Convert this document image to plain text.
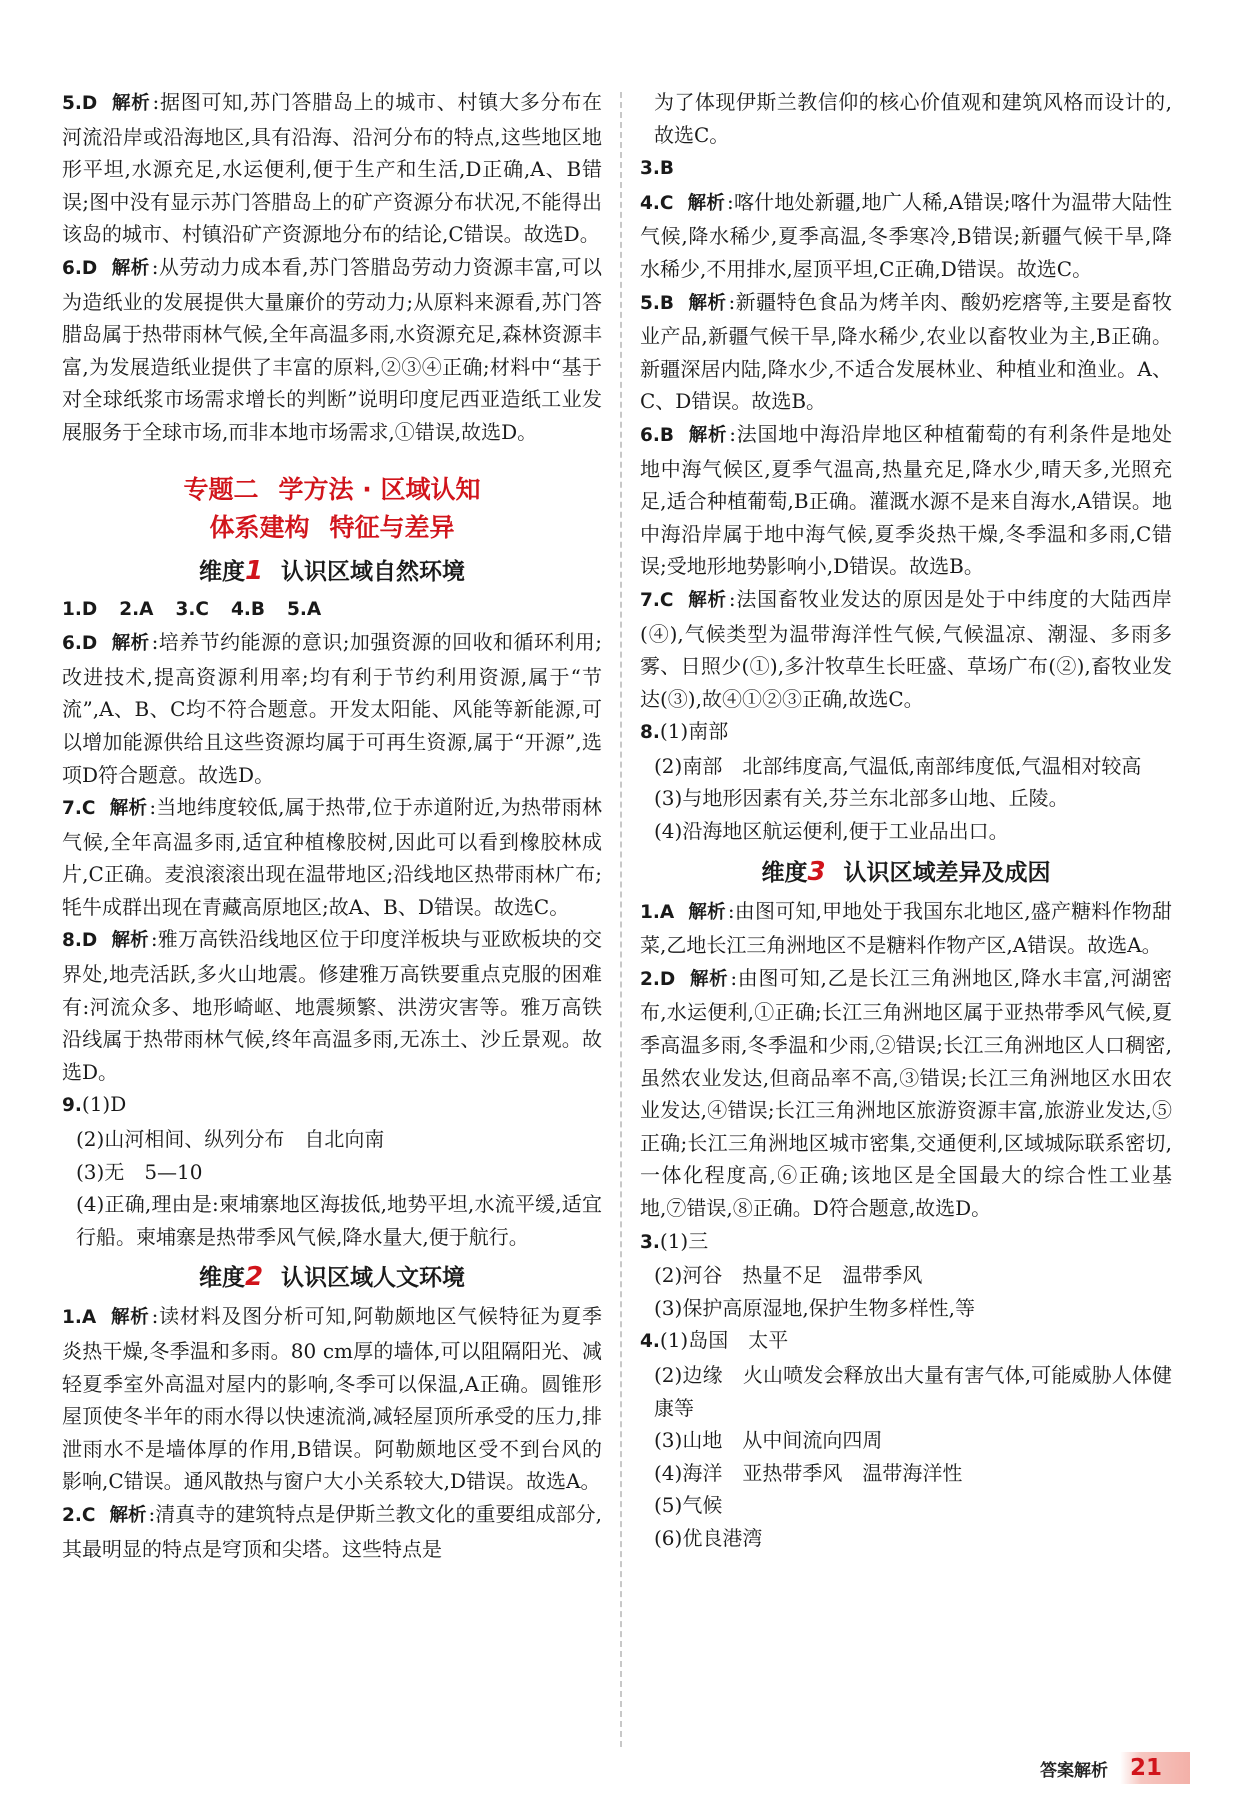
5.D 解析 :据图可知,苏门答腊岛上的城市、村镇大多分布在河流沿岸或沿海地区,具有沿海、沿河分布的特点,这些地区地形平坦,水源充足,水运便利,便于生产和生活,D正确,A、B错误;图中没有显示苏门答腊岛上的矿产资源分布状况,不能得出该岛的城市、村镇沿矿产资源地分布的结论,C错误。故选D。

6.D 解析 :从劳动力成本看,苏门答腊岛劳动力资源丰富,可以为造纸业的发展提供大量廉价的劳动力;从原料来源看,苏门答腊岛属于热带雨林气候,全年高温多雨,水资源充足,森林资源丰富,为发展造纸业提供了丰富的原料,②③④正确;材料中“基于对全球纸浆市场需求增长的判断”说明印度尼西亚造纸工业发展服务于全球市场,而非本地市场需求,①错误,故选D。

专题二 学方法 · 区域认知
体系建构 特征与差异
维度1 认识区域自然环境

1.D 2.A 3.C 4.B 5.A

6.D 解析 :培养节约能源的意识;加强资源的回收和循环利用;改进技术,提高资源利用率;均有利于节约利用资源,属于“节流”,A、B、C均不符合题意。开发太阳能、风能等新能源,可以增加能源供给且这些资源均属于可再生资源,属于“开源”,选项D符合题意。故选D。

7.C 解析 :当地纬度较低,属于热带,位于赤道附近,为热带雨林气候,全年高温多雨,适宜种植橡胶树,因此可以看到橡胶林成片,C正确。麦浪滚滚出现在温带地区;沿线地区热带雨林广布;牦牛成群出现在青藏高原地区;故A、B、D错误。故选C。

8.D 解析 :雅万高铁沿线地区位于印度洋板块与亚欧板块的交界处,地壳活跃,多火山地震。修建雅万高铁要重点克服的困难有:河流众多、地形崎岖、地震频繁、洪涝灾害等。雅万高铁沿线属于热带雨林气候,终年高温多雨,无冻土、沙丘景观。故选D。

9.(1)D

(2)山河相间、纵列分布　自北向南

(3)无　5—10

(4)正确,理由是:柬埔寨地区海拔低,地势平坦,水流平缓,适宜行船。柬埔寨是热带季风气候,降水量大,便于航行。

维度2 认识区域人文环境

1.A 解析 :读材料及图分析可知,阿勒颇地区气候特征为夏季炎热干燥,冬季温和多雨。80 cm厚的墙体,可以阻隔阳光、减轻夏季室外高温对屋内的影响,冬季可以保温,A正确。圆锥形屋顶使冬半年的雨水得以快速流淌,减轻屋顶所承受的压力,排泄雨水不是墙体厚的作用,B错误。阿勒颇地区受不到台风的影响,C错误。通风散热与窗户大小关系较大,D错误。故选A。

2.C 解析 :清真寺的建筑特点是伊斯兰教文化的重要组成部分,其最明显的特点是穹顶和尖塔。这些特点是

为了体现伊斯兰教信仰的核心价值观和建筑风格而设计的,故选C。

3.B

4.C 解析 :喀什地处新疆,地广人稀,A错误;喀什为温带大陆性气候,降水稀少,夏季高温,冬季寒冷,B错误;新疆气候干旱,降水稀少,不用排水,屋顶平坦,C正确,D错误。故选C。

5.B 解析 :新疆特色食品为烤羊肉、酸奶疙瘩等,主要是畜牧业产品,新疆气候干旱,降水稀少,农业以畜牧业为主,B正确。新疆深居内陆,降水少,不适合发展林业、种植业和渔业。A、C、D错误。故选B。

6.B 解析 :法国地中海沿岸地区种植葡萄的有利条件是地处地中海气候区,夏季气温高,热量充足,降水少,晴天多,光照充足,适合种植葡萄,B正确。灌溉水源不是来自海水,A错误。地中海沿岸属于地中海气候,夏季炎热干燥,冬季温和多雨,C错误;受地形地势影响小,D错误。故选B。

7.C 解析 :法国畜牧业发达的原因是处于中纬度的大陆西岸(④),气候类型为温带海洋性气候,气候温凉、潮湿、多雨多雾、日照少(①),多汁牧草生长旺盛、草场广布(②),畜牧业发达(③),故④①②③正确,故选C。

8.(1)南部

(2)南部　北部纬度高,气温低,南部纬度低,气温相对较高

(3)与地形因素有关,芬兰东北部多山地、丘陵。

(4)沿海地区航运便利,便于工业品出口。

维度3 认识区域差异及成因

1.A 解析 :由图可知,甲地处于我国东北地区,盛产糖料作物甜菜,乙地长江三角洲地区不是糖料作物产区,A错误。故选A。

2.D 解析 :由图可知,乙是长江三角洲地区,降水丰富,河湖密布,水运便利,①正确;长江三角洲地区属于亚热带季风气候,夏季高温多雨,冬季温和少雨,②错误;长江三角洲地区人口稠密,虽然农业发达,但商品率不高,③错误;长江三角洲地区水田农业发达,④错误;长江三角洲地区旅游资源丰富,旅游业发达,⑤正确;长江三角洲地区城市密集,交通便利,区域城际联系密切,一体化程度高,⑥正确;该地区是全国最大的综合性工业基地,⑦错误,⑧正确。D符合题意,故选D。

3.(1)三

(2)河谷　热量不足　温带季风

(3)保护高原湿地,保护生物多样性,等

4.(1)岛国　太平

(2)边缘　火山喷发会释放出大量有害气体,可能威胁人体健康等

(3)山地　从中间流向四周

(4)海洋　亚热带季风　温带海洋性

(5)气候

(6)优良港湾

答案解析 21
